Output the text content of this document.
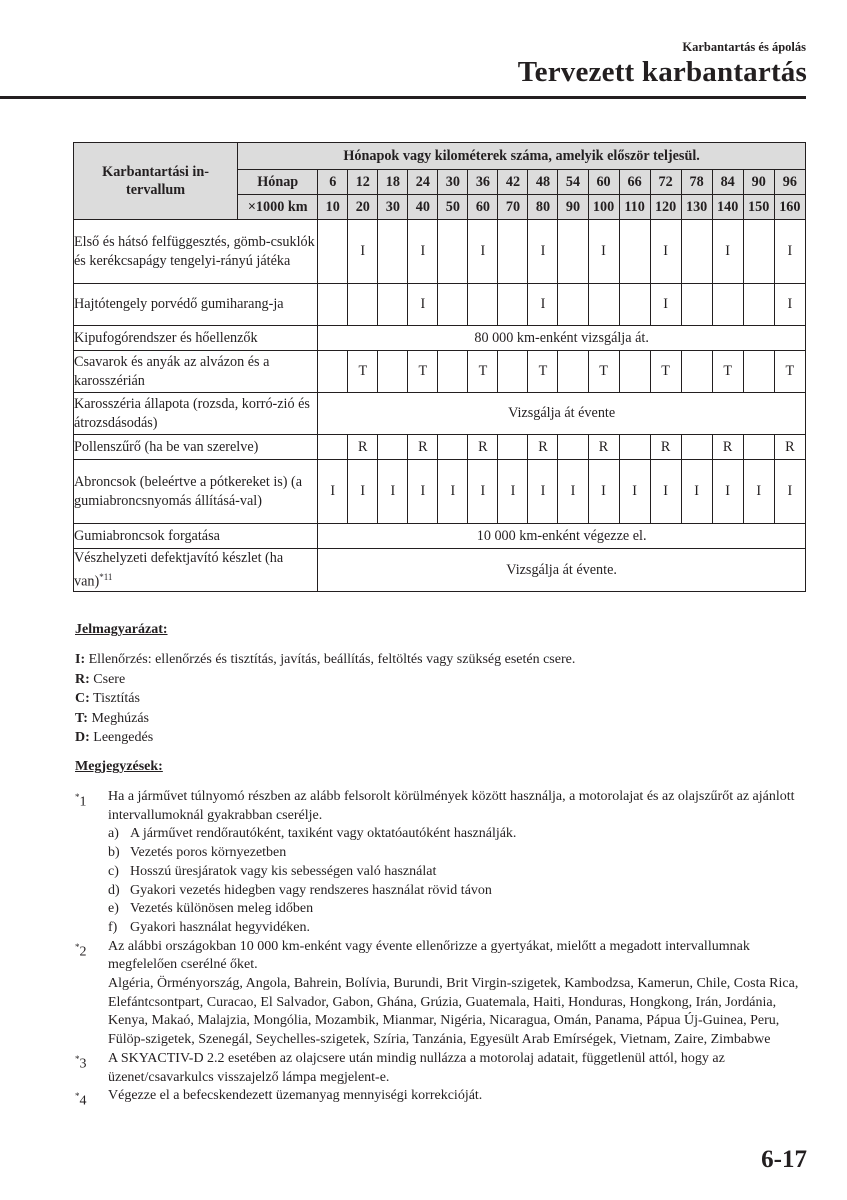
Karbantartás és ápolás
Tervezett karbantartás
Karbantartási in-tervallum	Hónapok vagy kilométerek száma, amelyik először teljesül.																
	Hónap	6	12	18	24	30	36	42	48	54	60	66	72	78	84	90	96
	×1000 km	10	20	30	40	50	60	70	80	90	100	110	120	130	140	150	160
Első és hátsó felfüggesztés, gömb-csuklók és kerékcsapágy tengelyi-rányú játéka			I		I		I		I		I		I		I		I
Hajtótengely porvédő gumiharang-ja					I				I				I				I
Kipufogórendszer és hőellenzők		80 000 km-enként vizsgálja át.															
Csavarok és anyák az alvázon és a karosszérián			T		T		T		T		T		T		T		T
Karosszéria állapota (rozsda, korró-zió és átrozsdásodás)		Vizsgálja át évente															
Pollenszűrő (ha be van szerelve)			R		R		R		R		R		R		R		R
Abroncsok (beleértve a pótkereket is) (a gumiabroncsnyomás állításá-val)		I	I	I	I	I	I	I	I	I	I	I	I	I	I	I	I
Gumiabroncsok forgatása		10 000 km-enként végezze el.															
Vészhelyzeti defektjavító készlet (ha van)$^{*11}$		Vizsgálja át évente.															
Jelmagyarázat:
I: Ellenőrzés: ellenőrzés és tisztítás, javítás, beállítás, feltöltés vagy szükség esetén csere.
R: Csere
C: Tisztítás
T: Meghúzás
D: Leengedés
Megjegyzések:
*1	Ha a járművet túlnyomó részben az alább felsorolt körülmények között használja, a motorolajat és az olajszűrőt az ajánlott intervallumoknál gyakrabban cserélje.
a) A járművet rendőrautóként, taxiként vagy oktatóautóként használják.
b) Vezetés poros környezetben
c) Hosszú üresjáratok vagy kis sebességen való használat
d) Gyakori vezetés hidegben vagy rendszeres használat rövid távon
e) Vezetés különösen meleg időben
f) Gyakori használat hegyvidéken.
*2	Az alábbi országokban 10 000 km-enként vagy évente ellenőrizze a gyertyákat, mielőtt a megadott intervallumnak megfelelően cserélné őket.
Algéria, Örményország, Angola, Bahrein, Bolívia, Burundi, Brit Virgin-szigetek, Kambodzsa, Kamerun, Chile, Costa Rica, Elefántcsontpart, Curacao, El Salvador, Gabon, Ghána, Grúzia, Guatemala, Haiti, Honduras, Hongkong, Irán, Jordánia, Kenya, Makaó, Malajzia, Mongólia, Mozambik, Mianmar, Nigéria, Nicaragua, Omán, Panama, Pápua Új-Guinea, Peru, Fülöp-szigetek, Szenegál, Seychelles-szigetek, Szíria, Tanzánia, Egyesült Arab Emírségek, Vietnam, Zaire, Zimbabwe
*3	A SKYACTIV-D 2.2 esetében az olajcsere után mindig nullázza a motorolaj adatait, függetlenül attól, hogy az üzenet/csavarkulcs visszajelző lámpa megjelent-e.
*4	Végezze el a befecskendezett üzemanyag mennyiségi korrekcióját.
6-17
